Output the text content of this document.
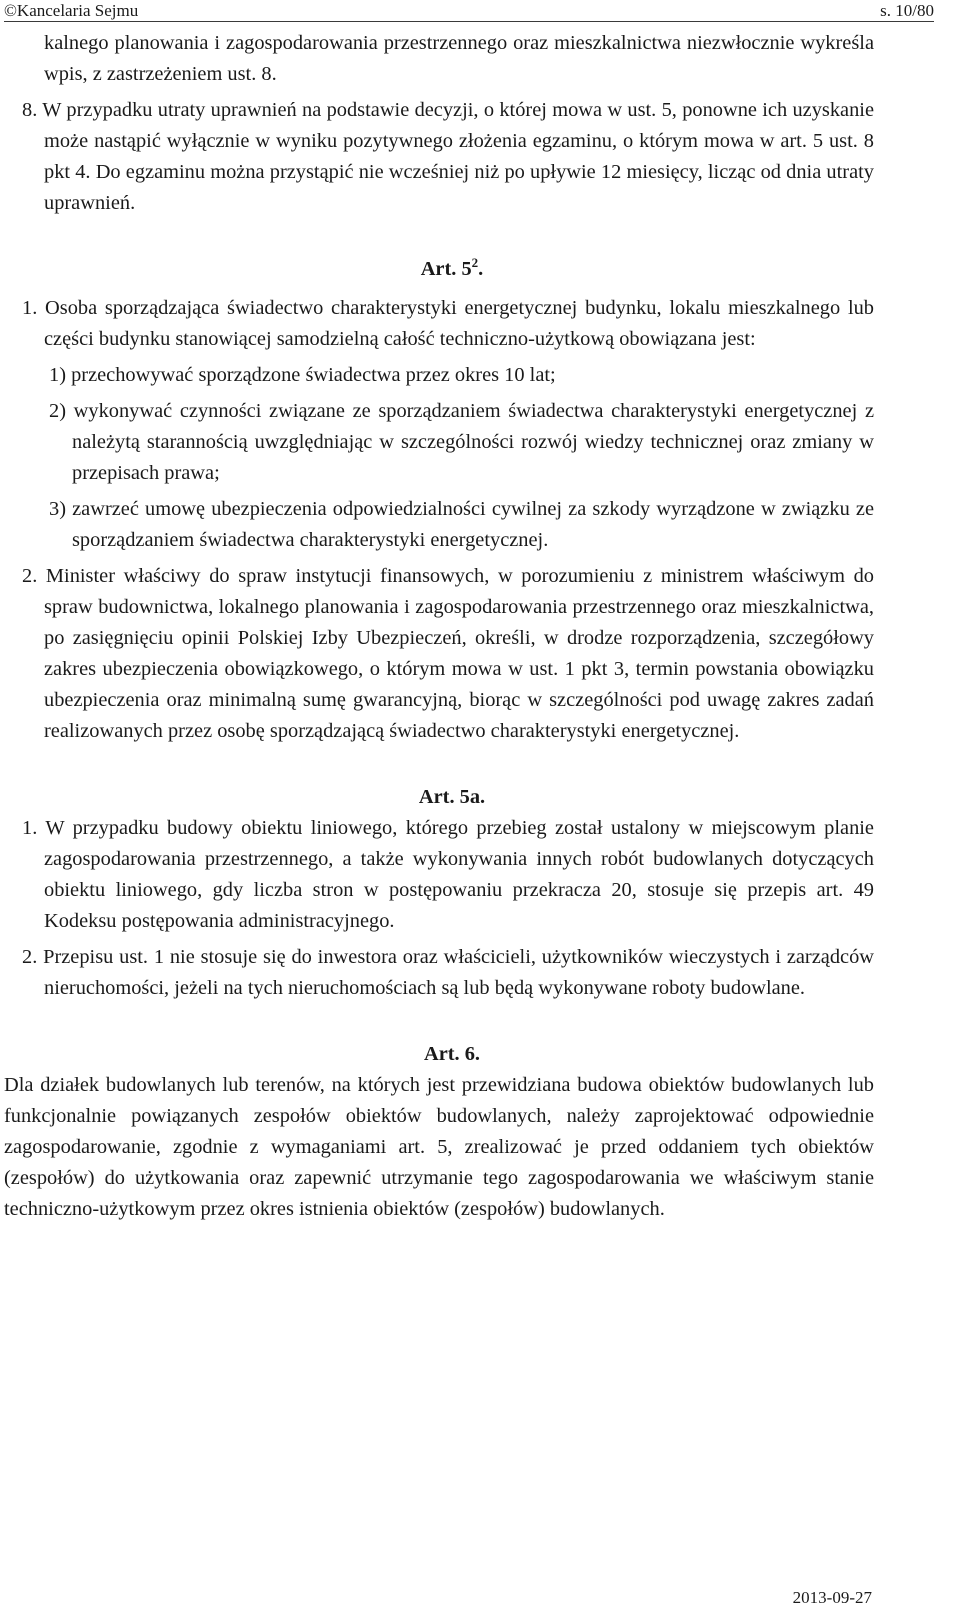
©Kancelaria Sejmu	s. 10/80

kalnego planowania i zagospodarowania przestrzennego oraz mieszkalnictwa niezwłocznie wykreśla wpis, z zastrzeżeniem ust. 8.

8. W przypadku utraty uprawnień na podstawie decyzji, o której mowa w ust. 5, ponowne ich uzyskanie może nastąpić wyłącznie w wyniku pozytywnego złożenia egzaminu, o którym mowa w art. 5 ust. 8 pkt 4. Do egzaminu można przystąpić nie wcześniej niż po upływie 12 miesięcy, licząc od dnia utraty uprawnień.

Art. $5^2$.

1. Osoba sporządzająca świadectwo charakterystyki energetycznej budynku, lokalu mieszkalnego lub części budynku stanowiącej samodzielną całość techniczno-użytkową obowiązana jest:

1) przechowywać sporządzone świadectwa przez okres 10 lat;

2) wykonywać czynności związane ze sporządzaniem świadectwa charakterystyki energetycznej z należytą starannością uwzględniając w szczególności rozwój wiedzy technicznej oraz zmiany w przepisach prawa;

3) zawrzeć umowę ubezpieczenia odpowiedzialności cywilnej za szkody wyrządzone w związku ze sporządzaniem świadectwa charakterystyki energetycznej.

2. Minister właściwy do spraw instytucji finansowych, w porozumieniu z ministrem właściwym do spraw budownictwa, lokalnego planowania i zagospodarowania przestrzennego oraz mieszkalnictwa, po zasięgnięciu opinii Polskiej Izby Ubezpieczeń, określi, w drodze rozporządzenia, szczegółowy zakres ubezpieczenia obowiązkowego, o którym mowa w ust. 1 pkt 3, termin powstania obowiązku ubezpieczenia oraz minimalną sumę gwarancyjną, biorąc w szczególności pod uwagę zakres zadań realizowanych przez osobę sporządzającą świadectwo charakterystyki energetycznej.

Art. 5a.

1. W przypadku budowy obiektu liniowego, którego przebieg został ustalony w miejscowym planie zagospodarowania przestrzennego, a także wykonywania innych robót budowlanych dotyczących obiektu liniowego, gdy liczba stron w postępowaniu przekracza 20, stosuje się przepis art. 49 Kodeksu postępowania administracyjnego.

2. Przepisu ust. 1 nie stosuje się do inwestora oraz właścicieli, użytkowników wieczystych i zarządców nieruchomości, jeżeli na tych nieruchomościach są lub będą wykonywane roboty budowlane.

Art. 6.

Dla działek budowlanych lub terenów, na których jest przewidziana budowa obiektów budowlanych lub funkcjonalnie powiązanych zespołów obiektów budowlanych, należy zaprojektować odpowiednie zagospodarowanie, zgodnie z wymaganiami art. 5, zrealizować je przed oddaniem tych obiektów (zespołów) do użytkowania oraz zapewnić utrzymanie tego zagospodarowania we właściwym stanie techniczno-użytkowym przez okres istnienia obiektów (zespołów) budowlanych.

2013-09-27
